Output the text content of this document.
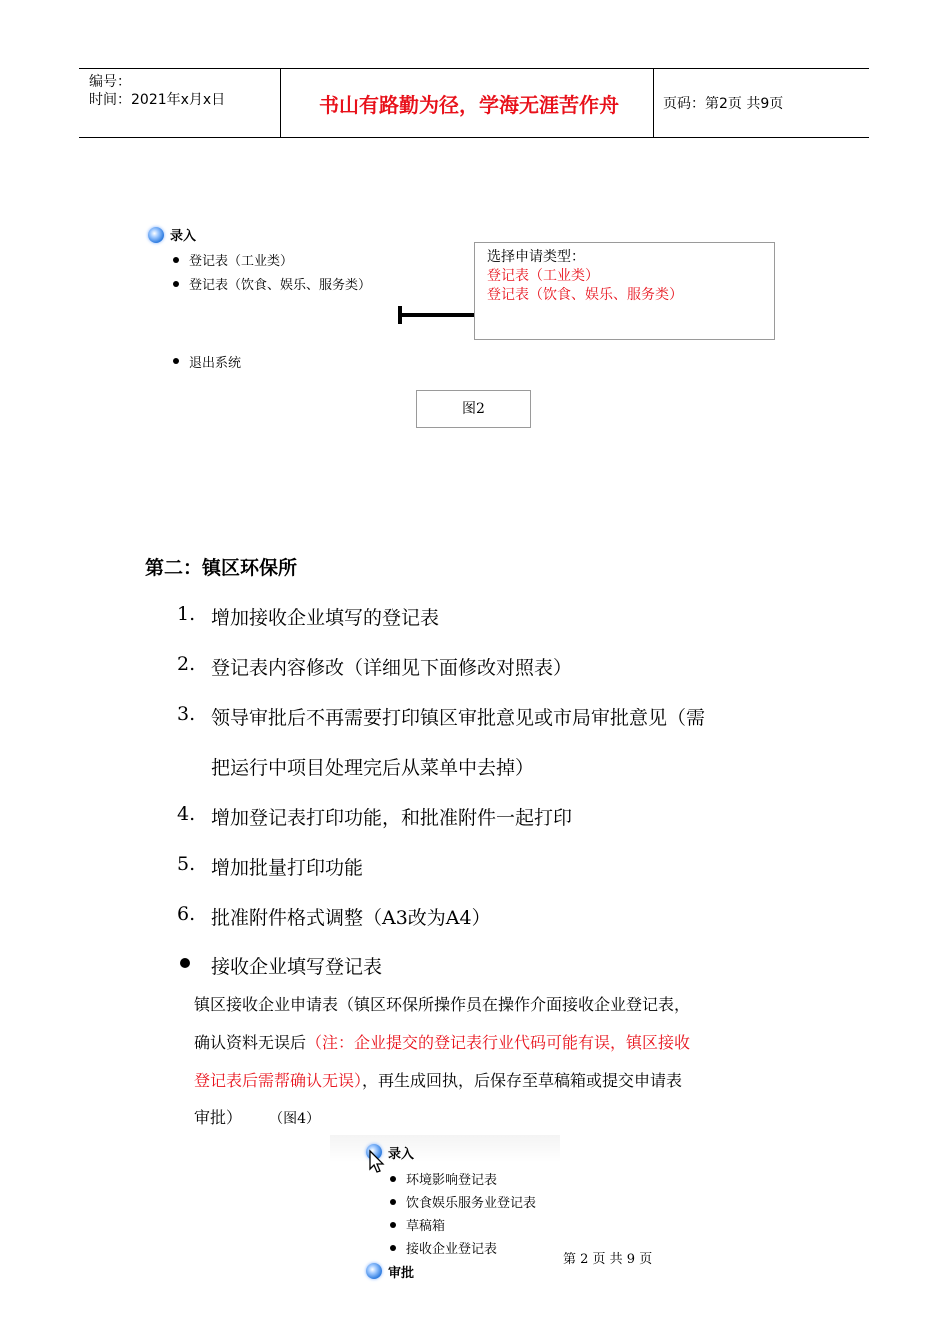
编号：
时间：2021年x月x日	书山有路勤为径，学海无涯苦作舟	页码：第2页 共9页
录入
登记表（工业类）
登记表（饮食、娱乐、服务类）
退出系统
选择申请类型：
登记表（工业类）
登记表（饮食、娱乐、服务类）
图2
第二：镇区环保所
1. 增加接收企业填写的登记表
2. 登记表内容修改（详细见下面修改对照表）
3. 领导审批后不再需要打印镇区审批意见或市局审批意见（需
把运行中项目处理完后从菜单中去掉）
4. 增加登记表打印功能，和批准附件一起打印
5. 增加批量打印功能
6. 批准附件格式调整（A3改为A4）
接收企业填写登记表
镇区接收企业申请表（镇区环保所操作员在操作介面接收企业登记表，
确认资料无误后（注：企业提交的登记表行业代码可能有误，镇区接收
登记表后需帮确认无误），再生成回执，后保存至草稿箱或提交申请表
审批） （图4）
录入
环境影响登记表
饮食娱乐服务业登记表
草稿箱
接收企业登记表
审批
第 2 页 共 9 页
